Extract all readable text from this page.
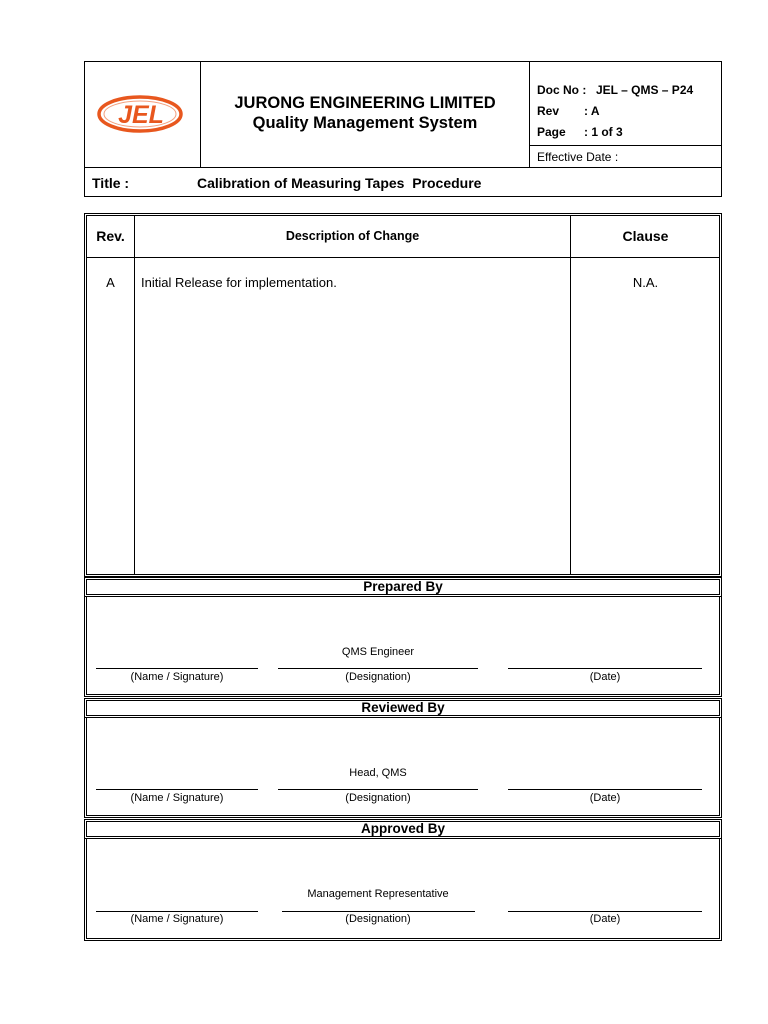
JEL	JURONG ENGINEERING LIMITED
Quality Management System
Doc No : JEL – QMS – P24
Rev : A
Page : 1 of 3
Effective Date :
Title :	Calibration of Measuring Tapes  Procedure
Rev.	Description of Change	Clause
A	Initial Release for implementation.	N.A.
Prepared By
QMS Engineer
(Name / Signature)	(Designation)	(Date)
Reviewed By
Head, QMS
(Name / Signature)	(Designation)	(Date)
Approved By
Management Representative
(Name / Signature)	(Designation)	(Date)
